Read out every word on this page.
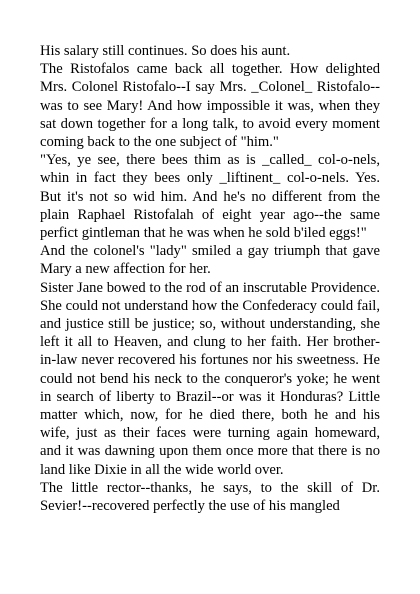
His salary still continues. So does his aunt.

The Ristofalos came back all together. How delighted Mrs. Colonel Ristofalo--I say Mrs. _Colonel_ Ristofalo--was to see Mary! And how impossible it was, when they sat down together for a long talk, to avoid every moment coming back to the one subject of "him."

"Yes, ye see, there bees thim as is _called_ col-o-nels, whin in fact they bees only _liftinent_ col-o-nels. Yes. But it's not so wid him. And he's no different from the plain Raphael Ristofalah of eight year ago--the same perfict gintleman that he was when he sold b'iled eggs!"

And the colonel's "lady" smiled a gay triumph that gave Mary a new affection for her.

Sister Jane bowed to the rod of an inscrutable Providence. She could not understand how the Confederacy could fail, and justice still be justice; so, without understanding, she left it all to Heaven, and clung to her faith. Her brother-in-law never recovered his fortunes nor his sweetness. He could not bend his neck to the conqueror's yoke; he went in search of liberty to Brazil--or was it Honduras? Little matter which, now, for he died there, both he and his wife, just as their faces were turning again homeward, and it was dawning upon them once more that there is no land like Dixie in all the wide world over.

The little rector--thanks, he says, to the skill of Dr. Sevier!--recovered perfectly the use of his mangled
